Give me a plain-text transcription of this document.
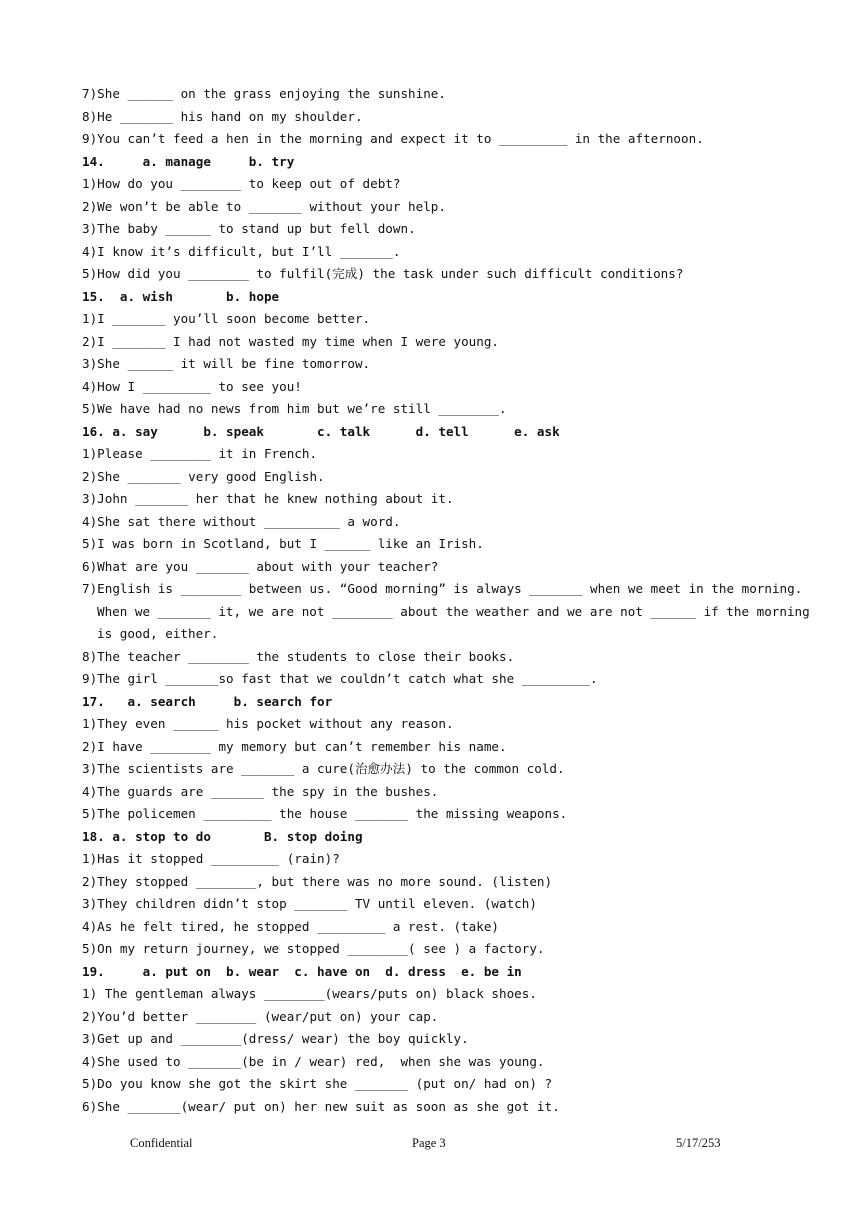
7)She ______ on the grass enjoying the sunshine.
8)He _______ his hand on my shoulder.
9)You can’t feed a hen in the morning and expect it to _________ in the afternoon.
14.     a. manage     b. try
1)How do you ________ to keep out of debt?
2)We won’t be able to _______ without your help.
3)The baby ______ to stand up but fell down.
4)I know it’s difficult, but I’ll _______.
5)How did you ________ to fulfil(完成) the task under such difficult conditions?
15.  a. wish       b. hope
1)I _______ you’ll soon become better.
2)I _______ I had not wasted my time when I were young.
3)She ______ it will be fine tomorrow.
4)How I _________ to see you!
5)We have had no news from him but we’re still ________.
16. a. say      b. speak       c. talk      d. tell      e. ask
1)Please ________ it in French.
2)She _______ very good English.
3)John _______ her that he knew nothing about it.
4)She sat there without __________ a word.
5)I was born in Scotland, but I ______ like an Irish.
6)What are you _______ about with your teacher?
7)English is ________ between us. “Good morning” is always _______ when we meet in the morning.
When we _______ it, we are not ________ about the weather and we are not ______ if the morning
is good, either.
8)The teacher ________ the students to close their books.
9)The girl _______so fast that we couldn’t catch what she _________.
17.   a. search     b. search for
1)They even ______ his pocket without any reason.
2)I have ________ my memory but can’t remember his name.
3)The scientists are _______ a cure(治愈办法) to the common cold.
4)The guards are _______ the spy in the bushes.
5)The policemen _________ the house _______ the missing weapons.
18. a. stop to do       B. stop doing
1)Has it stopped _________ (rain)?
2)They stopped ________, but there was no more sound. (listen)
3)They children didn’t stop _______ TV until eleven. (watch)
4)As he felt tired, he stopped _________ a rest. (take)
5)On my return journey, we stopped ________( see ) a factory.
19.     a. put on  b. wear  c. have on  d. dress  e. be in
1) The gentleman always ________(wears/puts on) black shoes.
2)You’d better ________ (wear/put on) your cap.
3)Get up and ________(dress/ wear) the boy quickly.
4)She used to _______(be in / wear) red,  when she was young.
5)Do you know she got the skirt she _______ (put on/ had on) ?
6)She _______(wear/ put on) her new suit as soon as she got it.
Confidential	Page 3	5/17/253
